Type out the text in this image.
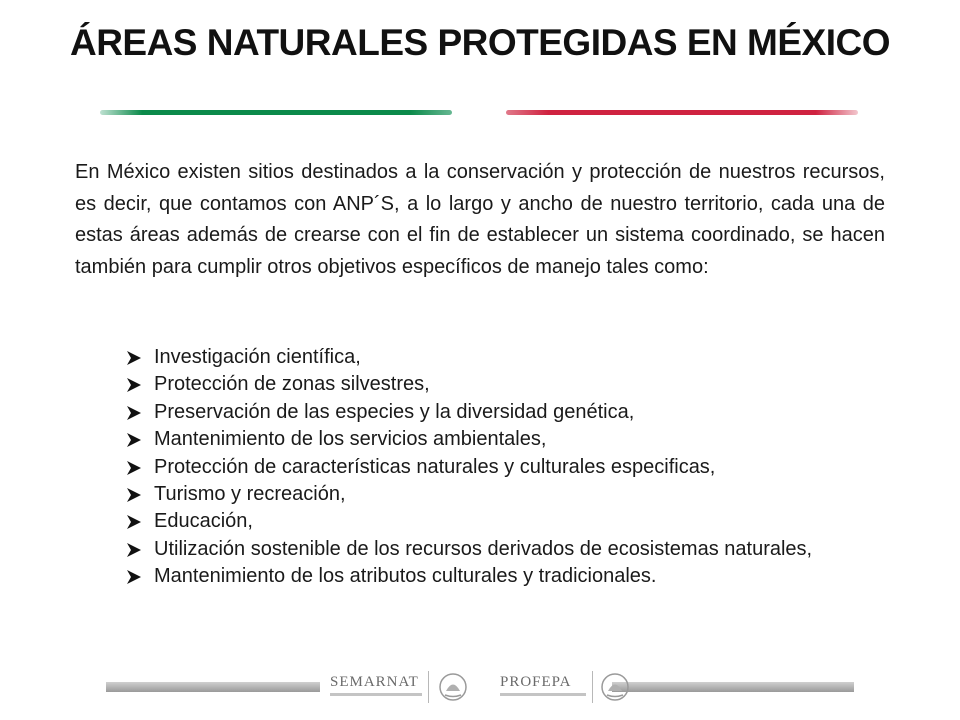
ÁREAS NATURALES PROTEGIDAS EN MÉXICO

En México existen sitios destinados a la conservación y protección de nuestros recursos, es decir, que contamos con ANP´S, a lo largo y ancho de nuestro territorio, cada una de estas áreas además de crearse con el fin de establecer un sistema coordinado, se hacen también para cumplir otros objetivos específicos de manejo tales como:

Investigación científica,
Protección de zonas silvestres,
Preservación de las especies y la diversidad genética,
Mantenimiento de los servicios ambientales,
Protección de características naturales y culturales especificas,
Turismo y recreación,
Educación,
Utilización sostenible de los recursos derivados de ecosistemas naturales,
Mantenimiento de los atributos culturales y tradicionales.
SEMARNAT	PROFEPA
